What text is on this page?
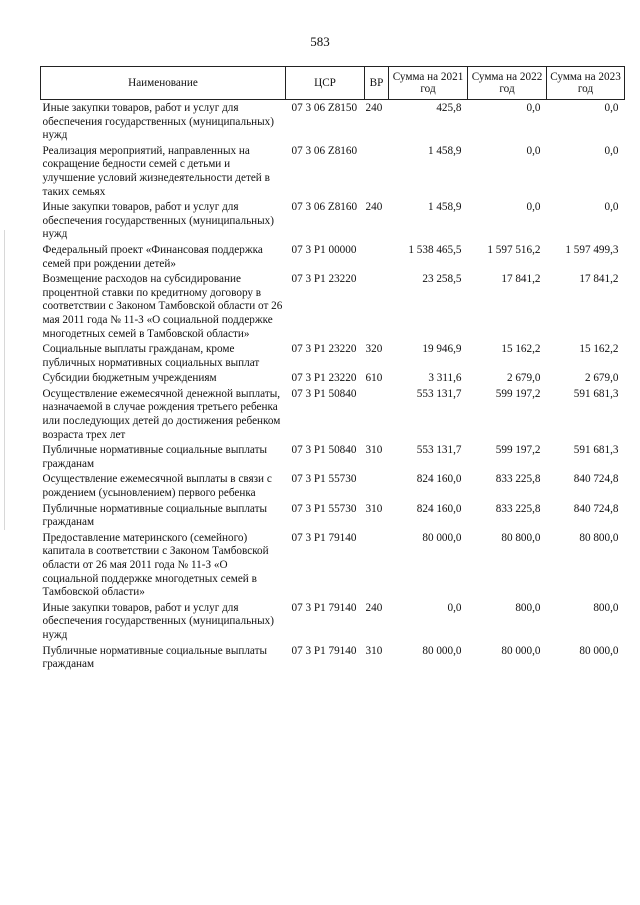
583
Наименование	ЦСР	ВР	Сумма на 2021 год	Сумма на 2022 год	Сумма на 2023 год
Иные закупки товаров, работ и услуг для обеспечения государственных (муниципальных) нужд	07 3 06 Z8150	240	425,8	0,0	0,0
Реализация мероприятий, направленных на сокращение бедности семей с детьми и улучшение условий жизнедеятельности детей в таких семьях	07 3 06 Z8160		1 458,9	0,0	0,0
Иные закупки товаров, работ и услуг для обеспечения государственных (муниципальных) нужд	07 3 06 Z8160	240	1 458,9	0,0	0,0
Федеральный проект «Финансовая поддержка семей при рождении детей»	07 3 P1 00000		1 538 465,5	1 597 516,2	1 597 499,3
Возмещение расходов на субсидирование процентной ставки по кредитному договору в соответствии с Законом Тамбовской области от 26 мая 2011 года № 11-З «О социальной поддержке многодетных семей в Тамбовской области»	07 3 P1 23220		23 258,5	17 841,2	17 841,2
Социальные выплаты гражданам, кроме публичных нормативных социальных выплат	07 3 P1 23220	320	19 946,9	15 162,2	15 162,2
Субсидии бюджетным учреждениям	07 3 P1 23220	610	3 311,6	2 679,0	2 679,0
Осуществление ежемесячной денежной выплаты, назначаемой в случае рождения третьего ребенка или последующих детей до достижения ребенком возраста трех лет	07 3 P1 50840		553 131,7	599 197,2	591 681,3
Публичные нормативные социальные выплаты гражданам	07 3 P1 50840	310	553 131,7	599 197,2	591 681,3
Осуществление ежемесячной выплаты в связи с рождением (усыновлением) первого ребенка	07 3 P1 55730		824 160,0	833 225,8	840 724,8
Публичные нормативные социальные выплаты гражданам	07 3 P1 55730	310	824 160,0	833 225,8	840 724,8
Предоставление материнского (семейного) капитала в соответствии с Законом Тамбовской области от 26 мая 2011 года № 11-З «О социальной поддержке многодетных семей в Тамбовской области»	07 3 P1 79140		80 000,0	80 800,0	80 800,0
Иные закупки товаров, работ и услуг для обеспечения государственных (муниципальных) нужд	07 3 P1 79140	240	0,0	800,0	800,0
Публичные нормативные социальные выплаты гражданам	07 3 P1 79140	310	80 000,0	80 000,0	80 000,0
